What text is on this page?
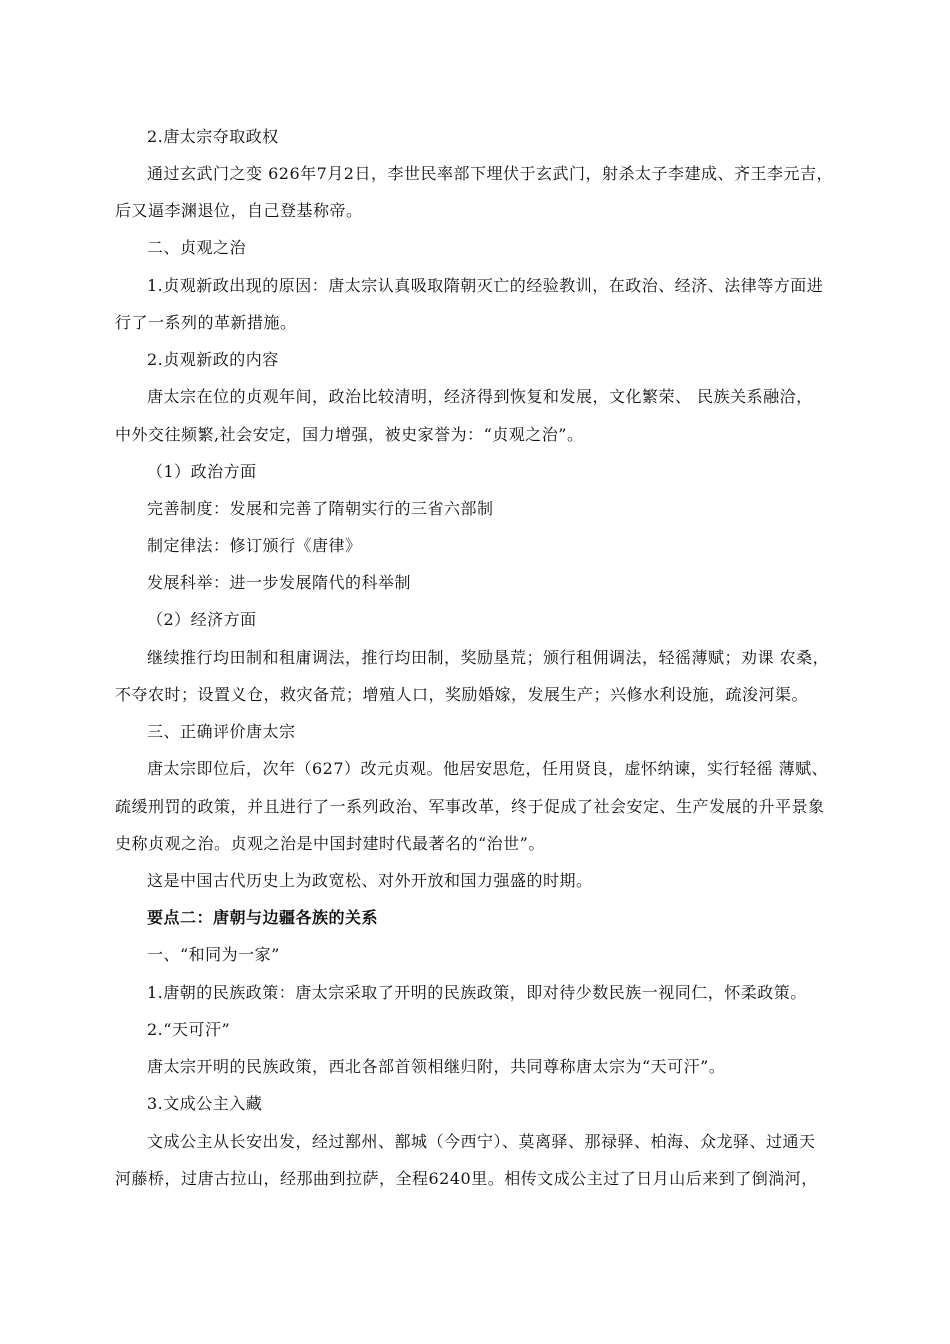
2.唐太宗夺取政权
通过玄武门之变 626年7月2日，李世民率部下埋伏于玄武门，射杀太子李建成、齐王李元吉，
后又逼李渊退位，自己登基称帝。
二、贞观之治
1.贞观新政出现的原因：唐太宗认真吸取隋朝灭亡的经验教训，在政治、经济、法律等方面进
行了一系列的革新措施。
2.贞观新政的内容
唐太宗在位的贞观年间，政治比较清明，经济得到恢复和发展，文化繁荣、 民族关系融洽，
中外交往频繁,社会安定，国力增强，被史家誉为：“贞观之治”。
（1）政治方面
完善制度：发展和完善了隋朝实行的三省六部制
制定律法：修订颁行《唐律》
发展科举：进一步发展隋代的科举制
（2）经济方面
继续推行均田制和租庸调法，推行均田制，奖励垦荒；颁行租佣调法，轻徭薄赋；劝课 农桑，
不夺农时；设置义仓，救灾备荒；增殖人口，奖励婚嫁，发展生产；兴修水利设施，疏浚河渠。
三、正确评价唐太宗
唐太宗即位后，次年（627）改元贞观。他居安思危，任用贤良，虚怀纳谏，实行轻徭 薄赋、
疏缓刑罚的政策，并且进行了一系列政治、军事改革，终于促成了社会安定、生产发展的升平景象
史称贞观之治。贞观之治是中国封建时代最著名的“治世”。
这是中国古代历史上为政宽松、对外开放和国力强盛的时期。
要点二：唐朝与边疆各族的关系
一、“和同为一家”
1.唐朝的民族政策：唐太宗采取了开明的民族政策，即对待少数民族一视同仁，怀柔政策。
2.“天可汗”
唐太宗开明的民族政策，西北各部首领相继归附，共同尊称唐太宗为“天可汗”。
3.文成公主入藏
文成公主从长安出发，经过鄯州、鄯城（今西宁）、莫离驿、那禄驿、柏海、众龙驿、过通天
河藤桥，过唐古拉山，经那曲到拉萨，全程6240里。相传文成公主过了日月山后来到了倒淌河，
